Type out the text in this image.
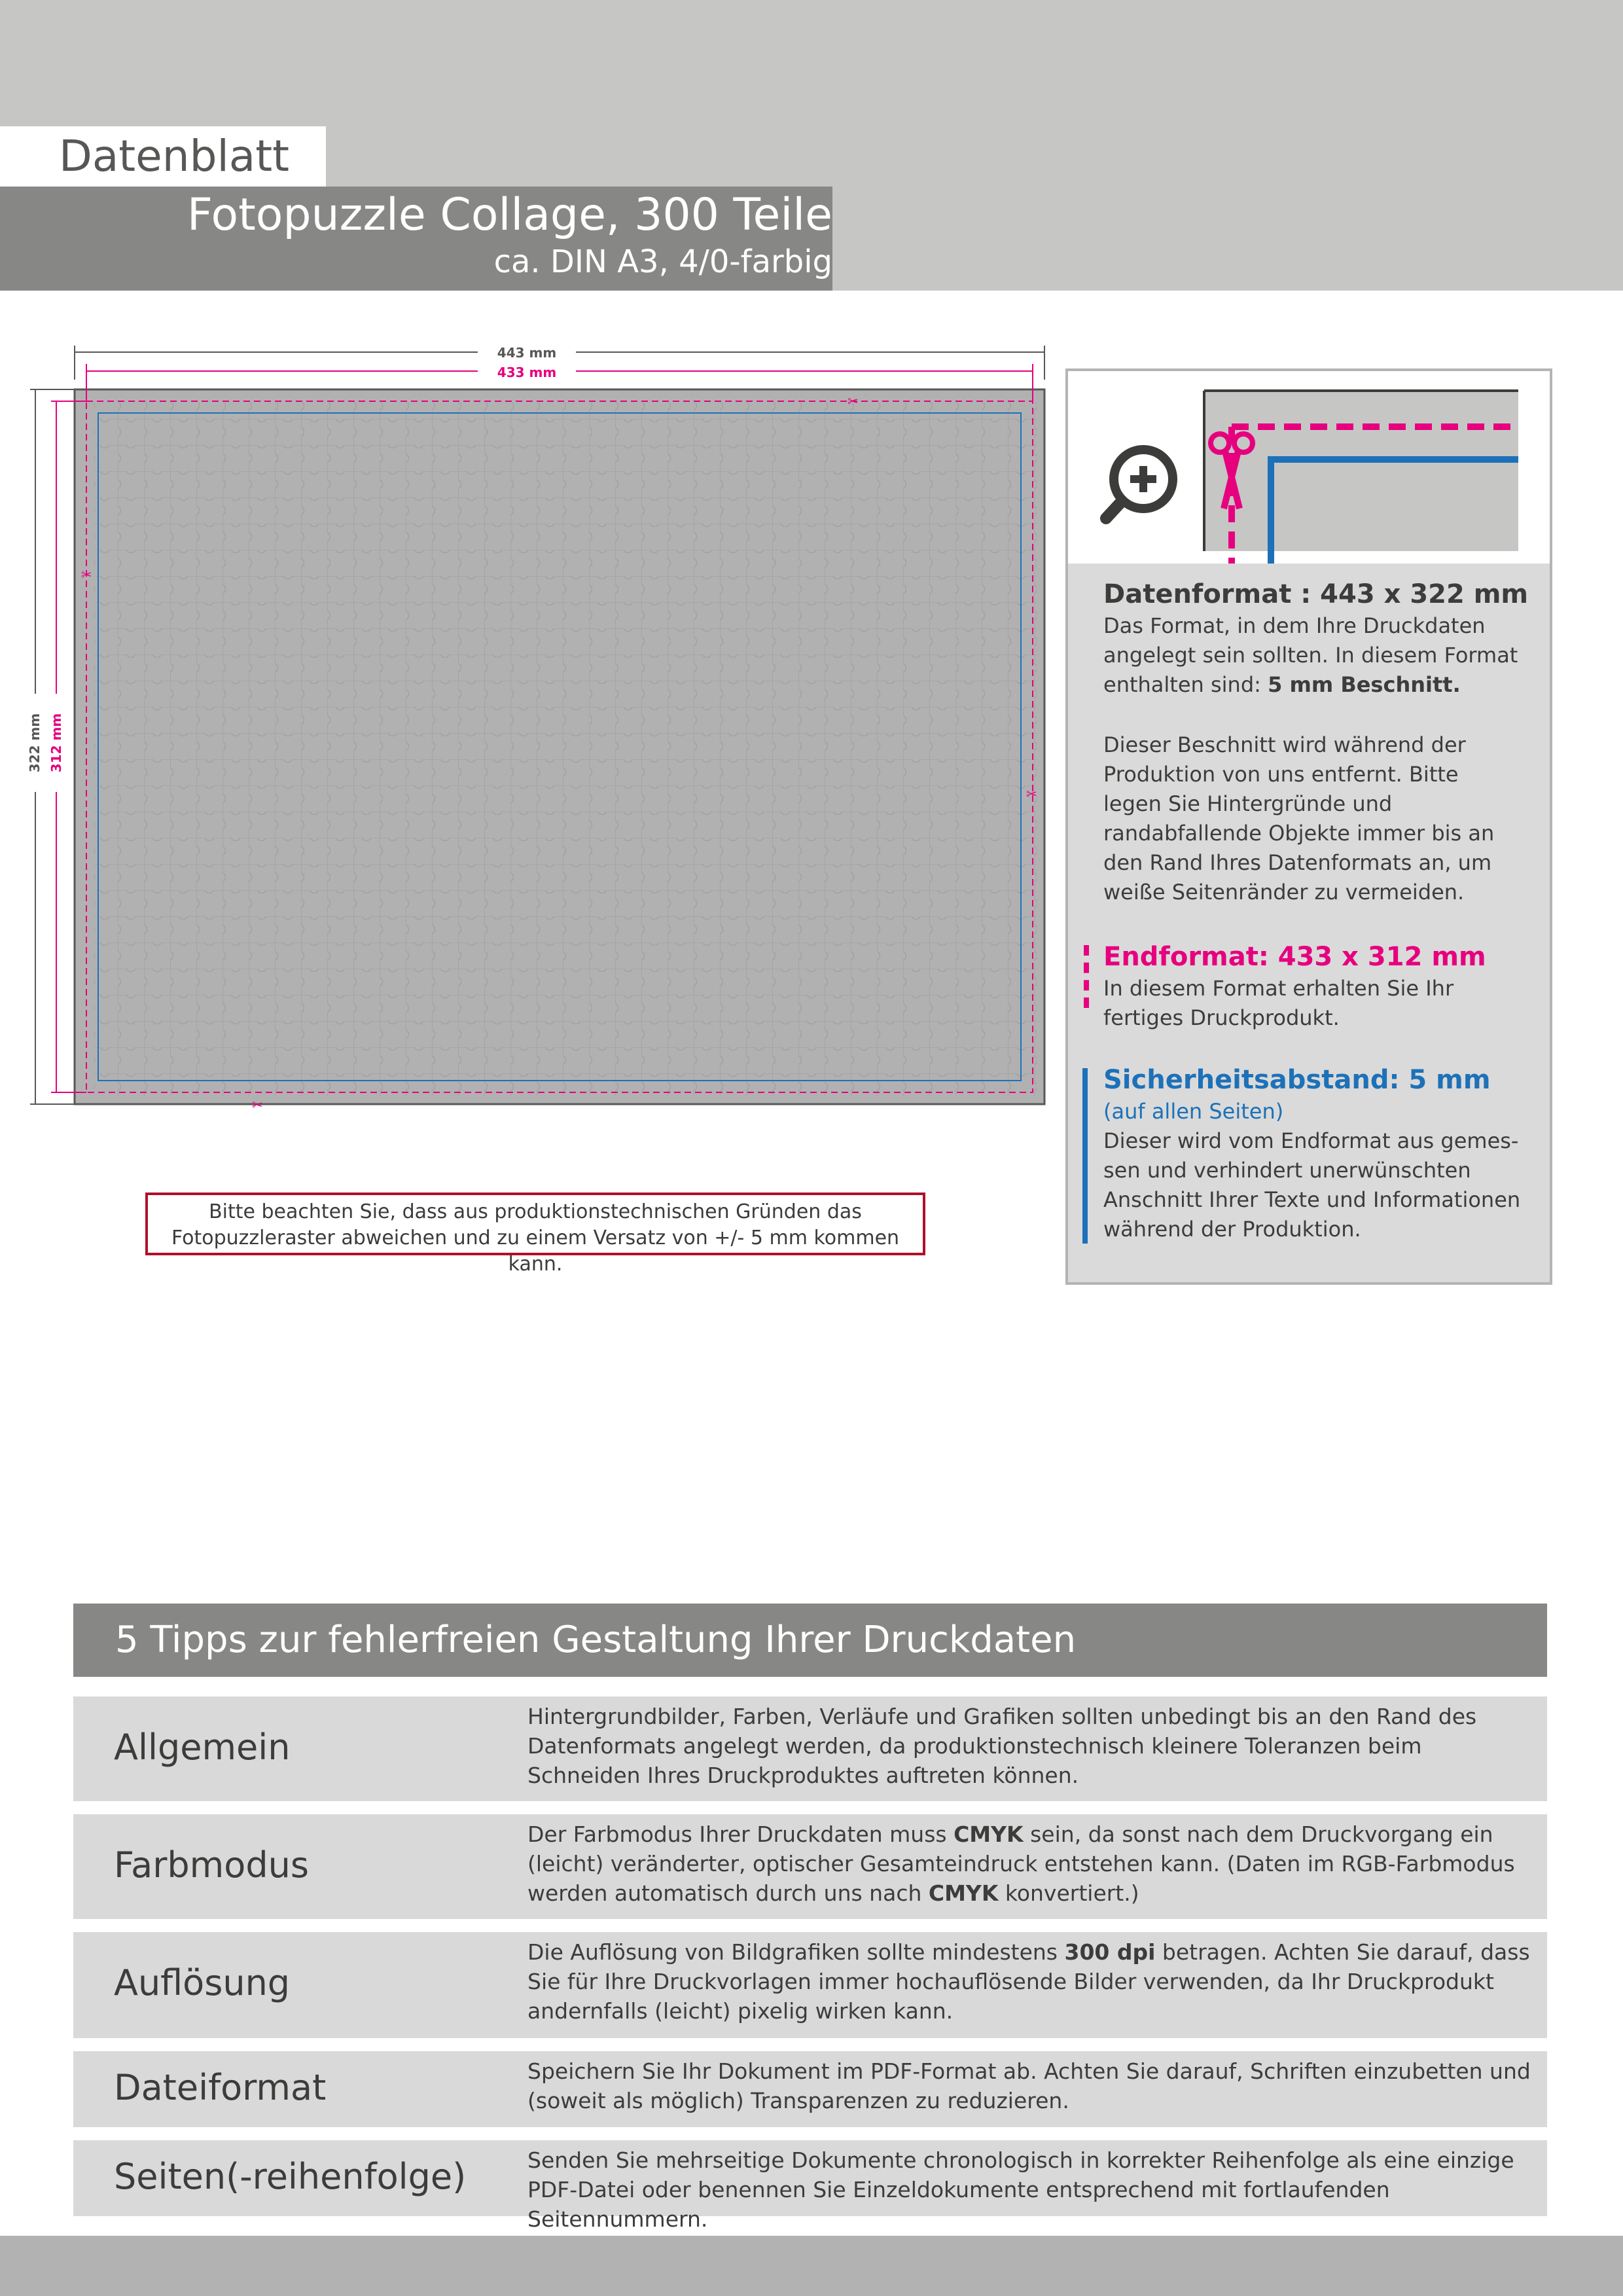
Datenblatt
Fotopuzzle Collage, 300 Teile
ca. DIN A3, 4/0-farbig
443 mm
433 mm
322 mm 312 mm
✂
✂
✂
✂
Bitte beachten Sie, dass aus produktionstechnischen Gründen das Fotopuzzleraster abweichen und zu einem Versatz von +/- 5 mm kommen kann.
Datenformat : 443 x 322 mm
Das Format, in dem Ihre Druckdaten angelegt sein sollten. In diesem Format enthalten sind: 5 mm Beschnitt.
Dieser Beschnitt wird während der Produktion von uns entfernt. Bitte legen Sie Hintergründe und randabfallende Objekte immer bis an den Rand Ihres Datenformats an, um weiße Seitenränder zu vermeiden.
Endformat: 433 x 312 mm
In diesem Format erhalten Sie Ihr fertiges Druckprodukt.
Sicherheitsabstand: 5 mm
(auf allen Seiten)
Dieser wird vom Endformat aus gemes-sen und verhindert unerwünschten Anschnitt Ihrer Texte und Informationen während der Produktion.
5 Tipps zur fehlerfreien Gestaltung Ihrer Druckdaten
Allgemein
Hintergrundbilder, Farben, Verläufe und Grafiken sollten unbedingt bis an den Rand des Datenformats angelegt werden, da produktionstechnisch kleinere Toleranzen beim Schneiden Ihres Druckproduktes auftreten können.
Farbmodus
Der Farbmodus Ihrer Druckdaten muss CMYK sein, da sonst nach dem Druckvorgang ein (leicht) veränderter, optischer Gesamteindruck entstehen kann. (Daten im RGB-Farbmodus werden automatisch durch uns nach CMYK konvertiert.)
Auflösung
Die Auflösung von Bildgrafiken sollte mindestens 300 dpi betragen. Achten Sie darauf, dass Sie für Ihre Druckvorlagen immer hochauflösende Bilder verwenden, da Ihr Druckprodukt andernfalls (leicht) pixelig wirken kann.
Dateiformat	Speichern Sie Ihr Dokument im PDF-Format ab. Achten Sie darauf, Schriften einzubetten und (soweit als möglich) Transparenzen zu reduzieren.
Seiten(-reihenfolge)	Senden Sie mehrseitige Dokumente chronologisch in korrekter Reihenfolge als eine einzige PDF-Datei oder benennen Sie Einzeldokumente entsprechend mit fortlaufenden Seitennummern.
